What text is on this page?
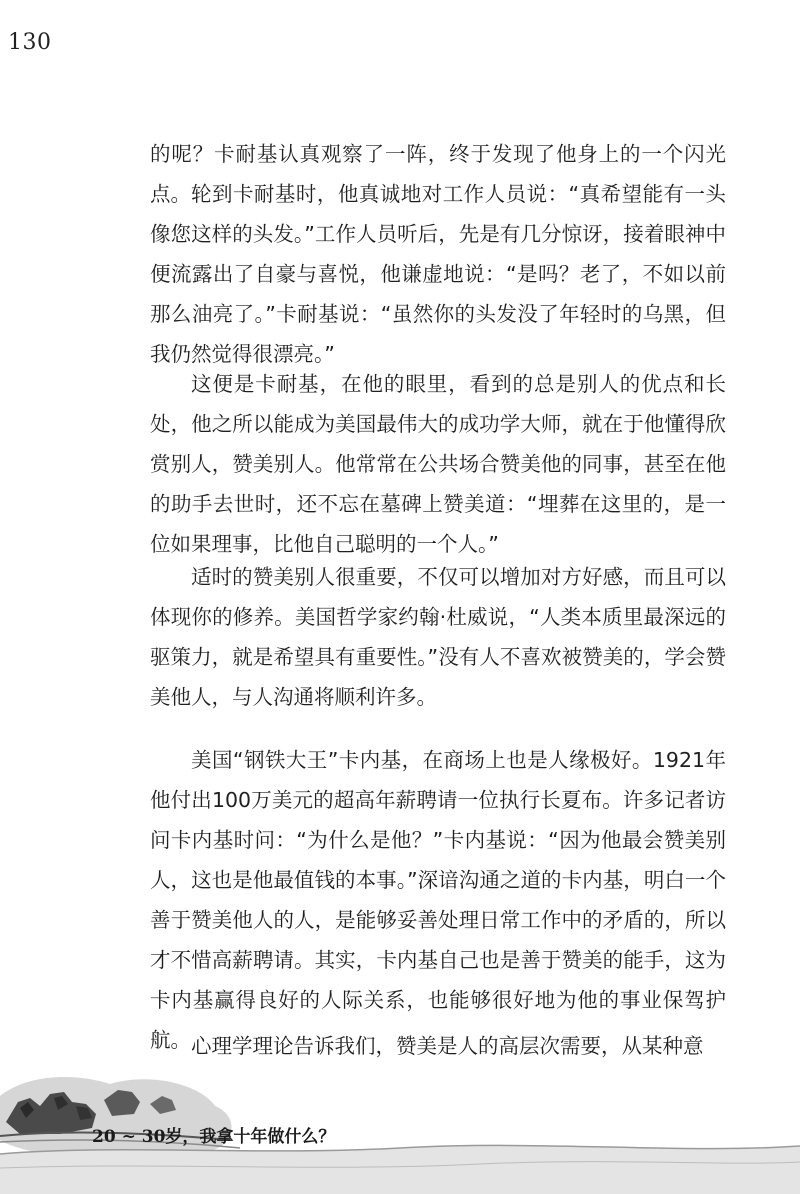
130

的呢？卡耐基认真观察了一阵，终于发现了他身上的一个闪光点。 轮到卡耐基时，他真诚地对工作人员说：“真希望能有一头像您这样的头发。”工作人员听后，先是有几分惊讶，接着眼神中便流露出了自豪与喜悦，他谦虚地说：“是吗？老了，不如以前那么油亮了。”卡耐基说：“虽然你的头发没了年轻时的乌黑，但我仍然觉得很漂亮。”

这便是卡耐基，在他的眼里，看到的总是别人的优点和长处，他之所以能成为美国最伟大的成功学大师，就在于他懂得欣赏别人，赞美别人。他常常在公共场合赞美他的同事，甚至在他的助手去世时，还不忘在墓碑上赞美道：“埋葬在这里的，是一位如果理事，比他自己聪明的一个人。”

适时的赞美别人很重要，不仅可以增加对方好感，而且可以体现你的修养。美国哲学家约翰·杜威说，“人类本质里最深远的驱策力，就是希望具有重要性。”没有人不喜欢被赞美的，学会赞美他人，与人沟通将顺利许多。

美国“钢铁大王”卡内基，在商场上也是人缘极好。1921年他付出100万美元的超高年薪聘请一位执行长夏布。许多记者访问卡内基时问：“为什么是他？”卡内基说：“因为他最会赞美别人，这也是他最值钱的本事。”深谙沟通之道的卡内基，明白一个善于赞美他人的人，是能够妥善处理日常工作中的矛盾的，所以才不惜高薪聘请。其实，卡内基自己也是善于赞美的能手，这为卡内基赢得良好的人际关系，也能够很好地为他的事业保驾护航。 心理学理论告诉我们，赞美是人的高层次需要，从某种意

20 ~ 30岁，我拿十年做什么？
